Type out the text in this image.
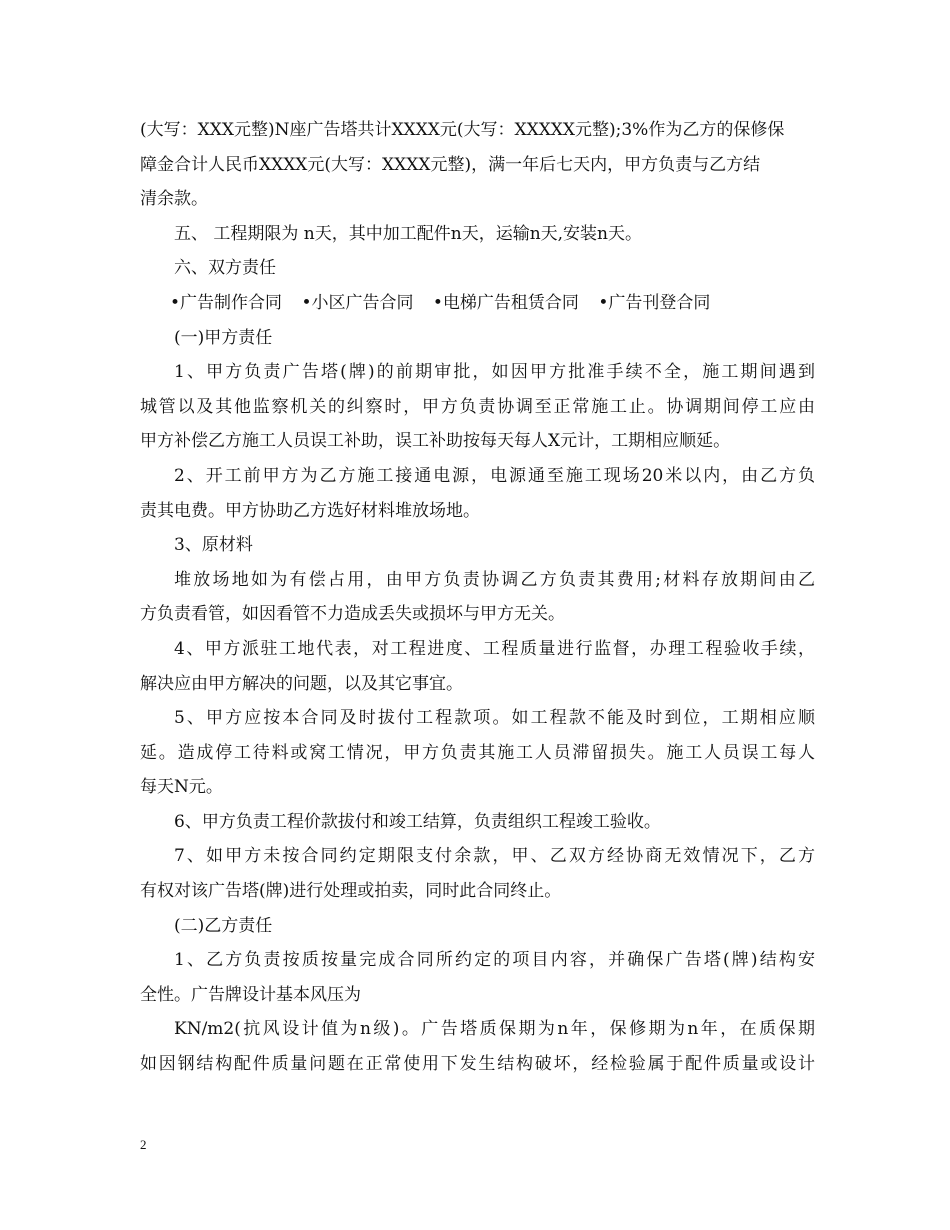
(大写：XXX元整)N座广告塔共计XXXX元(大写：XXXXX元整);3%作为乙方的保修保
障金合计人民币XXXX元(大写：XXXX元整)，满一年后七天内，甲方负责与乙方结
清余款。
五、 工程期限为 n天，其中加工配件n天，运输n天,安装n天。
六、双方责任
•广告制作合同 •小区广告合同 •电梯广告租赁合同 •广告刊登合同
(一)甲方责任
1、甲方负责广告塔(牌)的前期审批，如因甲方批准手续不全，施工期间遇到
城管以及其他监察机关的纠察时，甲方负责协调至正常施工止。协调期间停工应由
甲方补偿乙方施工人员误工补助，误工补助按每天每人X元计，工期相应顺延。
2、开工前甲方为乙方施工接通电源，电源通至施工现场20米以内，由乙方负
责其电费。甲方协助乙方选好材料堆放场地。
3、原材料
堆放场地如为有偿占用，由甲方负责协调乙方负责其费用;材料存放期间由乙
方负责看管，如因看管不力造成丢失或损坏与甲方无关。
4、甲方派驻工地代表，对工程进度、工程质量进行监督，办理工程验收手续，
解决应由甲方解决的问题，以及其它事宜。
5、甲方应按本合同及时拔付工程款项。如工程款不能及时到位，工期相应顺
延。造成停工待料或窝工情况，甲方负责其施工人员滞留损失。施工人员误工每人
每天N元。
6、甲方负责工程价款拔付和竣工结算，负责组织工程竣工验收。
7、如甲方未按合同约定期限支付余款，甲、乙双方经协商无效情况下，乙方
有权对该广告塔(牌)进行处理或拍卖，同时此合同终止。
(二)乙方责任
1、乙方负责按质按量完成合同所约定的项目内容，并确保广告塔(牌)结构安
全性。广告牌设计基本风压为
KN/m2(抗风设计值为n级)。广告塔质保期为n年，保修期为n年，在质保期
如因钢结构配件质量问题在正常使用下发生结构破坏，经检验属于配件质量或设计
2
